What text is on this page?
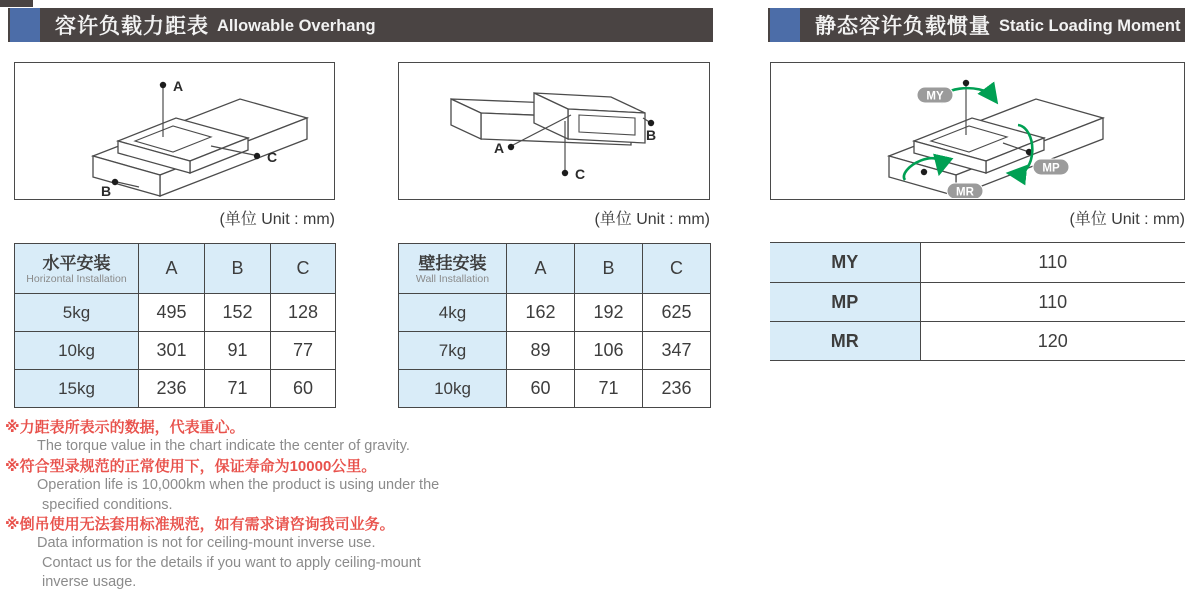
容许负载力距表 Allowable Overhang	静态容许负载惯量 Static Loading Moment
A
C
B
(单位 Unit : mm)
B
A
C
(单位 Unit : mm)
MY
MP
MR
(单位 Unit : mm)
水平安装
Horizontal Installation	A	B	C
5kg	495	152	128
10kg	301	91	77
15kg	236	71	60
壁挂安装
Wall Installation	A	B	C
4kg	162	192	625
7kg	89	106	347
10kg	60	71	236
MY	110
MP	110
MR	120
※力距表所表示的数据，代表重心。
The torque value in the chart indicate the center of gravity.
※符合型录规范的正常使用下，保证寿命为10000公里。
Operation life is 10,000km when the product is using under the
specified conditions.
※倒吊使用无法套用标准规范，如有需求请咨询我司业务。
Data information is not for ceiling-mount inverse use.
Contact us for the details if you want to apply ceiling-mount
inverse usage.
